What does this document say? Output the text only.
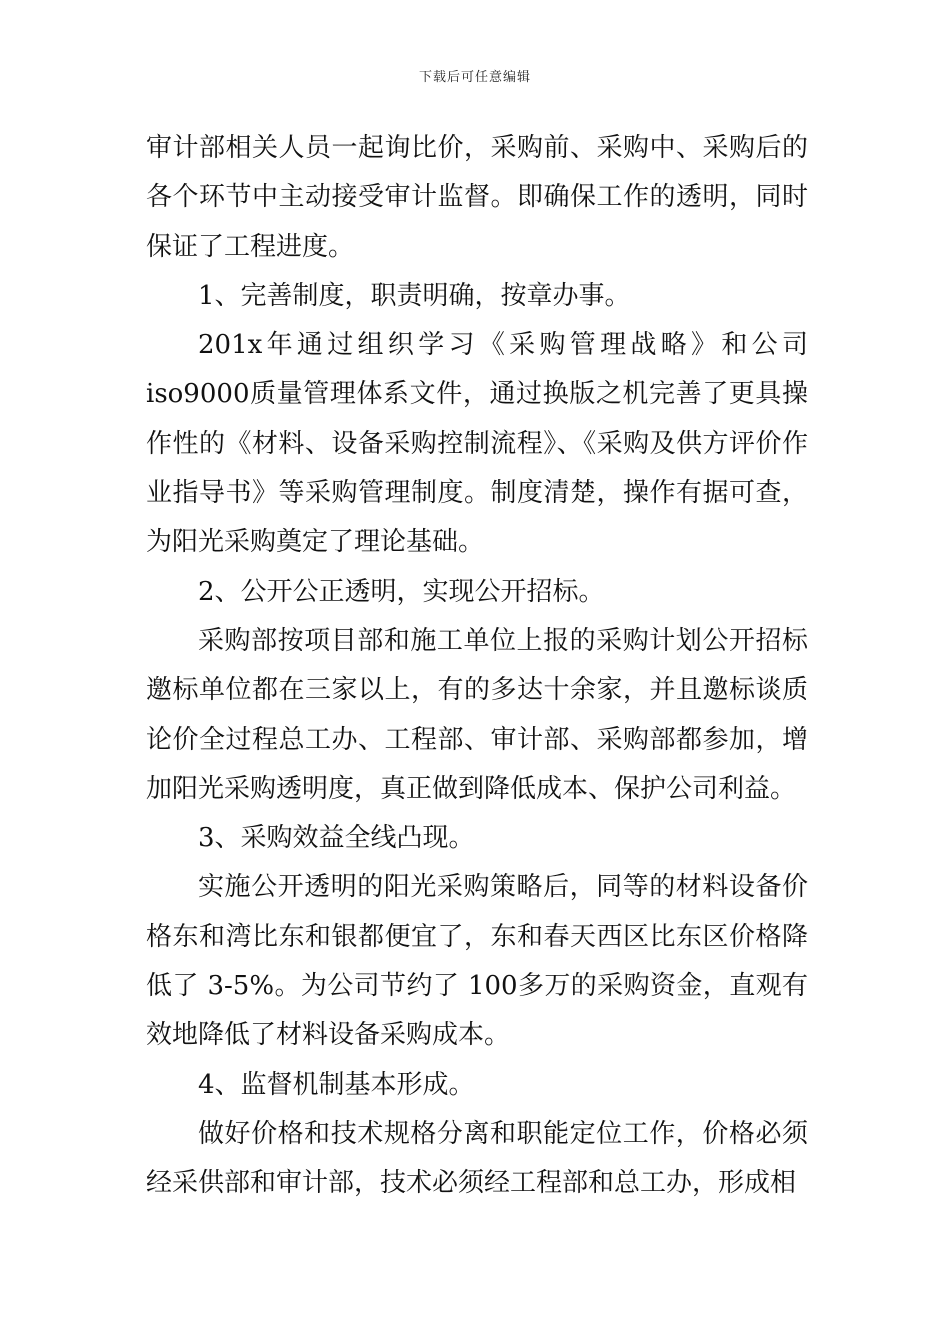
下载后可任意编辑

审计部相关人员一起询比价，采购前、采购中、采购后的各个环节中主动接受审计监督。即确保工作的透明，同时保证了工程进度。

1、完善制度，职责明确，按章办事。

201x年通过组织学习《采购管理战略》和公司 iso9000质量管理体系文件，通过换版之机完善了更具操作性的《材料、设备采购控制流程》、《采购及供方评价作业指导书》等采购管理制度。制度清楚，操作有据可查，为阳光采购奠定了理论基础。

2、公开公正透明，实现公开招标。

采购部按项目部和施工单位上报的采购计划公开招标邀标单位都在三家以上，有的多达十余家，并且邀标谈质论价全过程总工办、工程部、审计部、采购部都参加，增加阳光采购透明度，真正做到降低成本、保护公司利益。

3、采购效益全线凸现。

实施公开透明的阳光采购策略后，同等的材料设备价格东和湾比东和银都便宜了，东和春天西区比东区价格降低了 3-5%。为公司节约了 100多万的采购资金，直观有效地降低了材料设备采购成本。

4、监督机制基本形成。

做好价格和技术规格分离和职能定位工作，价格必须经采供部和审计部，技术必须经工程部和总工办，形成相
